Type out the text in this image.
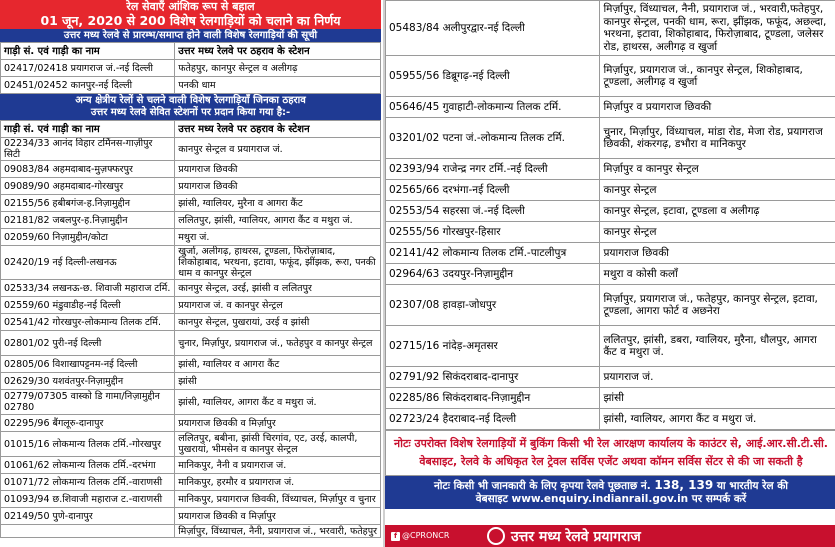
रेल सेवाएँ आंशिक रूप से बहाल
01 जून, 2020 से 200 विशेष रेलगाड़ियों को चलाने का निर्णय
उत्तर मध्य रेलवे से प्रारम्भ/समाप्त होने वाली विशेष रेलगाड़ियों की सूची
गाड़ी सं. एवं गाड़ी का नाम	उत्तर मध्य रेलवे पर ठहराव के स्टेशन
02417/02418 प्रयागराज जं.-नई दिल्ली	फतेहपुर, कानपुर सेन्ट्रल व अलीगढ़
02451/02452 कानपुर-नई दिल्ली	पनकी धाम
अन्य क्षेत्रीय रेलों से चलने वाली विशेष रेलगाड़ियाँ जिनका ठहराव
उत्तर मध्य रेलवे सेवित स्टेशनों पर प्रदान किया गया है:-
गाड़ी सं. एवं गाड़ी का नाम	उत्तर मध्य रेलवे पर ठहराव के स्टेशन
02234/33 आनंद विहार टर्मिनस-गाज़ीपुर सिटी	कानपुर सेन्ट्रल व प्रयागराज जं.
09083/84 अहमदाबाद-मुज़फ्फरपुर	प्रयागराज छिवकी
09089/90 अहमदाबाद-गोरखपुर	प्रयागराज छिवकी
02155/56 हबीबगंज-ह.निज़ामुद्दीन	झांसी, ग्वालियर, मुरैना व आगरा कैंट
02181/82 जबलपुर-ह.निज़ामुद्दीन	ललितपुर, झांसी, ग्वालियर, आगरा कैंट व मथुरा जं.
02059/60 निज़ामुद्दीन/कोटा	मथुरा जं.
02420/19 नई दिल्ली-लखनऊ	खुर्जा, अलीगढ़, हाथरस, टूण्डला, फिरोज़ाबाद, शिकोहाबाद, भरथना, इटावा, फफूंद, झींझक, रूरा, पनकी धाम व कानपुर सेन्ट्रल
02533/34 लखनऊ-छ. शिवाजी महाराज टर्मि.	कानपुर सेन्ट्रल, उरई, झांसी व ललितपुर
02559/60 मंडुवाडीह-नई दिल्ली	प्रयागराज जं. व कानपुर सेन्ट्रल
02541/42 गोरखपुर-लोकमान्य तिलक टर्मि.	कानपुर सेन्ट्रल, पुखरायां, उरई व झांसी
02801/02 पुरी-नई दिल्ली	चुनार, मिर्ज़ापुर, प्रयागराज जं., फतेहपुर व कानपुर सेन्ट्रल
02805/06 विशाखापट्टनम-नई दिल्ली	झांसी, ग्वालियर व आगरा कैंट
02629/30 यशवंतपुर-निज़ामुद्दीन	झांसी
02779/07305 वास्को डि गामा/निज़ामुद्दीन 02780	झांसी, ग्वालियर, आगरा कैंट व मथुरा जं.
02295/96 बैंगलूरु-दानापुर	प्रयागराज छिवकी व मिर्ज़ापुर
01015/16 लोकमान्य तिलक टर्मि.-गोरखपुर	ललितपुर, बबीना, झांसी चिरगांव, एट, उरई, कालपी, पुखरायां, भीमसेन व कानपुर सेन्ट्रल
01061/62 लोकमान्य तिलक टर्मि.-दरभंगा	मानिकपुर, नैनी व प्रयागराज जं.
01071/72 लोकमान्य तिलक टर्मि.-वाराणसी	मानिकपुर, हरमौर व प्रयागराज जं.
01093/94 छ.शिवाजी महाराज ट.-वाराणसी	मानिकपुर, प्रयागराज छिवकी, विंध्याचल, मिर्ज़ापुर व चुनार
02149/50 पुणे-दानापुर	प्रयागराज छिवकी व मिर्ज़ापुर
	मिर्ज़ापुर, विंध्याचल, नैनी, प्रयागराज जं., भरवारी, फतेहपुर
05483/84 अलीपुरद्वार-नई दिल्ली	मिर्ज़ापुर, विंध्याचल, नैनी, प्रयागराज जं., भरवारी,फतेहपुर, कानपुर सेन्ट्रल, पनकी धाम, रूरा, झींझक, फफूंद, अछल्दा, भरथना, इटावा, शिकोहाबाद, फिरोज़ाबाद, टूण्डला, जलेसर रोड, हाथरस, अलीगढ़ व खुर्जा
05955/56 डिब्रूगढ़-नई दिल्ली	मिर्ज़ापुर, प्रयागराज जं., कानपुर सेन्ट्रल, शिकोहाबाद, टूण्डला, अलीगढ़ व खुर्जा
05646/45 गुवाहाटी-लोकमान्य तिलक टर्मि.	मिर्ज़ापुर व प्रयागराज छिवकी
03201/02 पटना जं.-लोकमान्य तिलक टर्मि.	चुनार, मिर्ज़ापुर, विंध्याचल, मांडा रोड, मेजा रोड, प्रयागराज छिवकी, शंकरगढ़, डभौरा व मानिकपुर
02393/94 राजेन्द्र नगर टर्मि.-नई दिल्ली	मिर्ज़ापुर व कानपुर सेन्ट्रल
02565/66 दरभंगा-नई दिल्ली	कानपुर सेन्ट्रल
02553/54 सहरसा जं.-नई दिल्ली	कानपुर सेन्ट्रल, इटावा, टूण्डला व अलीगढ़
02555/56 गोरखपुर-हिसार	कानपुर सेन्ट्रल
02141/42 लोकमान्य तिलक टर्मि.-पाटलीपुत्र	प्रयागराज छिवकी
02964/63 उदयपुर-निज़ामुद्दीन	मथुरा व कोसी कलाँ
02307/08 हावड़ा-जोधपुर	मिर्ज़ापुर, प्रयागराज जं., फतेहपुर, कानपुर सेन्ट्रल, इटावा, टूण्डला, आगरा फोर्ट व अछनेरा
02715/16 नांदेड़-अमृतसर	ललितपुर, झांसी, डबरा, ग्वालियर, मुरैना, धौलपुर, आगरा कैंट व मथुरा जं.
02791/92 सिकंदराबाद-दानापुर	प्रयागराज जं.
02285/86 सिकंदराबाद-निज़ामुद्दीन	झांसी
02723/24 हैदराबाद-नई दिल्ली	झांसी, ग्वालियर, आगरा कैंट व मथुरा जं.
नोटः उपरोक्त विशेष रेलगाड़ियों में बुकिंग किसी भी रेल आरक्षण कार्यालय के काउंटर से, आई.आर.सी.टी.सी. वेबसाइट, रेलवे के अधिकृत रेल ट्रेवल सर्विस एजेंट अथवा कॉमन सर्विस सेंटर से की जा सकती है
नोटः किसी भी जानकारी के लिए कृपया रेलवे पूछताछ नं. 138, 139 या भारतीय रेल की
वेबसाइट www.enquiry.indianrail.gov.in पर सम्पर्क करें
f @CPRONCR	उत्तर मध्य रेलवे प्रयागराज
